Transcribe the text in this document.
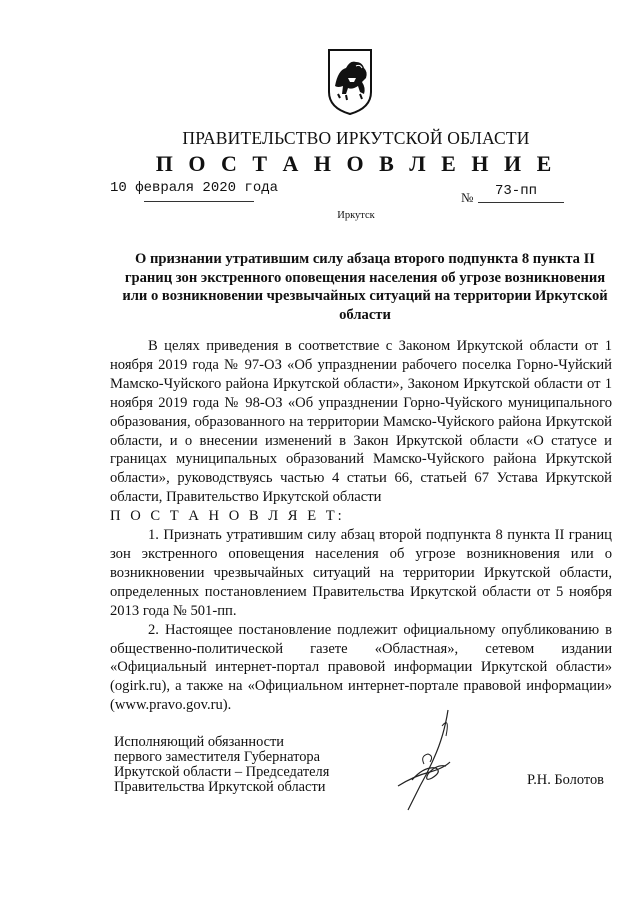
ПРАВИТЕЛЬСТВО ИРКУТСКОЙ ОБЛАСТИ
П О С Т А Н О В Л Е Н И Е
10 февраля 2020 года
№ 73-пп
Иркутск
О признании утратившим силу абзаца второго подпункта 8 пункта II границ зон экстренного оповещения населения об угрозе возникновения или о возникновении чрезвычайных ситуаций на территории Иркутской области

В целях приведения в соответствие с Законом Иркутской области от 1 ноября 2019 года № 97-ОЗ «Об упразднении рабочего поселка Горно-Чуйский Мамско-Чуйского района Иркутской области», Законом Иркутской области от 1 ноября 2019 года № 98-ОЗ «Об упразднении Горно-Чуйского муниципального образования, образованного на территории Мамско-Чуйского района Иркутской области, и о внесении изменений в Закон Иркутской области «О статусе и границах муниципальных образований Мамско-Чуйского района Иркутской области», руководствуясь частью 4 статьи 66, статьей 67 Устава Иркутской области, Правительство Иркутской области

П О С Т А Н О В Л Я Е Т:

1. Признать утратившим силу абзац второй подпункта 8 пункта II границ зон экстренного оповещения населения об угрозе возникновения или о возникновении чрезвычайных ситуаций на территории Иркутской области, определенных постановлением Правительства Иркутской области от 5 ноября 2013 года № 501-пп.

2. Настоящее постановление подлежит официальному опубликованию в общественно-политической газете «Областная», сетевом издании «Официальный интернет-портал правовой информации Иркутской области» (ogirk.ru), а также на «Официальном интернет-портале правовой информации» (www.pravo.gov.ru).

Исполняющий обязанности
первого заместителя Губернатора
Иркутской области – Председателя
Правительства Иркутской области	Р.Н. Болотов
